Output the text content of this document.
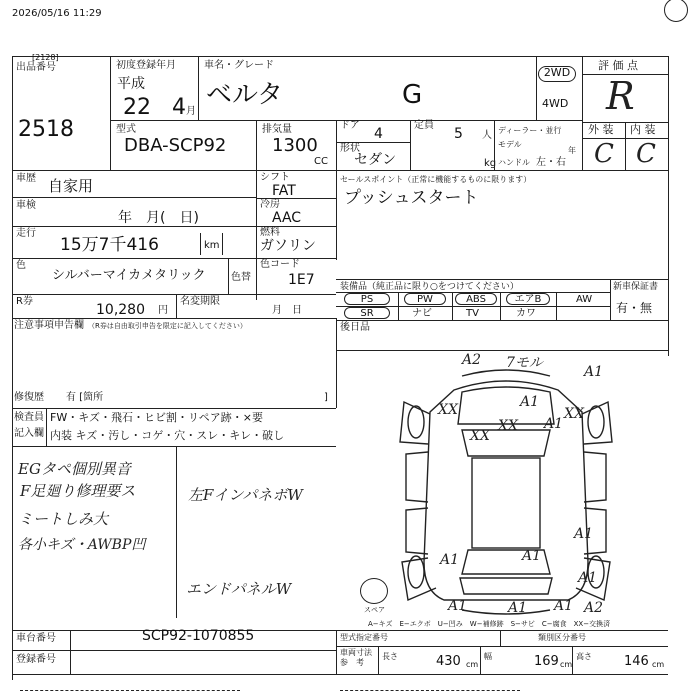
2026/05/16 11:29
[2128]
出品番号
2518
初度登録年月
平成
22 4 月
車名・グレード
ベルタ	G
2WD
4WD
評 価 点
R
型式
DBA-SCP92
排気量
1300
CC
ドア
4
形状
セダン
定員
5 人
kg
ディーラー・並行
モデル
年
ハンドル 左・右
外 装 内 装
C C
車歴 自家用
車検
年　月(　日)
走行
15万7千416	km
シフト
FAT
冷房
AAC
燃料
ガソリン
セールスポイント（正常に機能するものに限ります）
プッシュスタート
色
シルバーマイカメタリック	色替
色コード
1E7	装備品（純正品に限り○をつけてください）	新車保証書
有・無
PS	PW	ABS	エアB	AW
SR	ナビ	TV	カワ
後日品
R券
10,280 円
名変期限
月　日
注意事項申告欄 （R券は自由取引申告を限定に記入してください）
修復歴 有 [箇所	]
検査員
記入欄
FW・キズ・飛石・ヒビ割・リペア跡・×要
内装 キズ・汚し・コゲ・穴・スレ・キレ・破し
EGタペ個別異音
F足廻り修理要ス
ミートしみ大
各小キズ・AWBP凹
左FインパネボW
エンドパネルW
A2 7モル
A1
A1
XX
XX A1
XX
XX
A1
A1	A1
A1
A1	A1 A1 A2
スペア
A−キズ　E−エクボ　U−凹み　W−補修跡　S−サビ　C−腐食　XX−交換済
車台番号	SCP92-1070855
登録番号
型式指定番号	類別区分番号
車両寸法
参　考
長さ	430 cm
幅	169 cm
高さ 146 cm
